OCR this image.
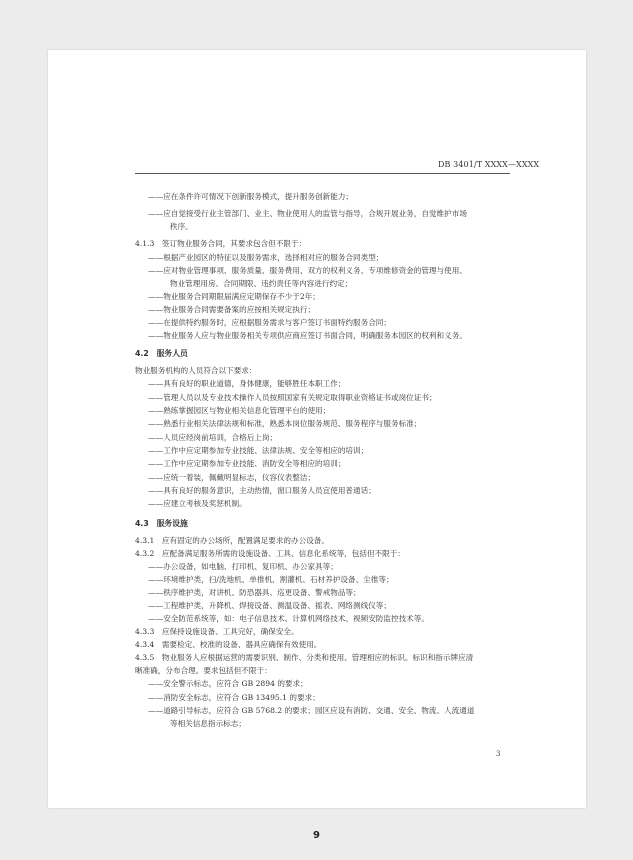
DB 3401/T XXXX—XXXX
——应在条件许可情况下创新服务模式，提升服务创新能力；
——应自觉接受行业主管部门、业主、物业使用人的监管与指导，合规开展业务，自觉维护市场
秩序。
4.1.3　签订物业服务合同，其要求包含但不限于：
——根据产业园区的特征以及服务需求，选择相对应的服务合同类型；
——应对物业管理事项、服务质量、服务费用、双方的权利义务、专项维修资金的管理与使用、
物业管理用房、合同期限、违约责任等内容进行约定；
——物业服务合同期限届满应定期保存不少于2年；
——物业服务合同需要备案的应按相关规定执行；
——在提供特约服务时，应根据服务需求与客户签订书面特约服务合同；
——物业服务人应与物业服务相关专项供应商应签订书面合同，明确服务本园区的权利和义务。
4.2　服务人员
物业服务机构的人员符合以下要求：
——具有良好的职业道德，身体健康，能够胜任本职工作；
——管理人员以及专业技术操作人员按照国家有关规定取得职业资格证书或岗位证书；
——熟练掌握园区与物业相关信息化管理平台的使用；
——熟悉行业相关法律法规和标准，熟悉本岗位服务规范、服务程序与服务标准；
——人员应经岗前培训，合格后上岗；
——工作中应定期参加专业技能、法律法规、安全等相应的培训；
——工作中应定期参加专业技能、消防安全等相应的培训；
——应统一着装，佩戴明显标志，仪容仪表整洁；
——具有良好的服务意识，主动热情，窗口服务人员宜使用普通话；
——应建立考核及奖惩机制。
4.3　服务设施
4.3.1　应有固定的办公场所，配置满足要求的办公设备。
4.3.2　应配备满足服务所需的设施设备、工具、信息化系统等，包括但不限于：
——办公设备，如电脑、打印机、复印机、办公家具等；
——环境维护类，扫/洗地机、单推机、割灌机、石材养护设备、尘推等；
——秩序维护类，对讲机、防恐器具、巡更设备、警戒物品等；
——工程维护类，升降机、焊接设备、测温设备、摇表、网络测线仪等；
——安全防范系统等，如：电子信息技术、计算机网络技术、视频安防监控技术等。
4.3.3　应保持设施设备、工具完好，确保安全。
4.3.4　需要检定、校准的设备、器具应确保有效使用。
4.3.5　物业服务人应根据运营的需要识别、制作、分类和使用、管理相应的标识。标识和指示牌应清
晰准确，分布合理。要求包括但不限于：
——安全警示标志，应符合 GB 2894 的要求；
——消防安全标志，应符合 GB 13495.1 的要求；
——道路引导标志，应符合 GB 5768.2 的要求；园区应设有消防、交通、安全、物流、人流通道
等相关信息指示标志；
3
9
